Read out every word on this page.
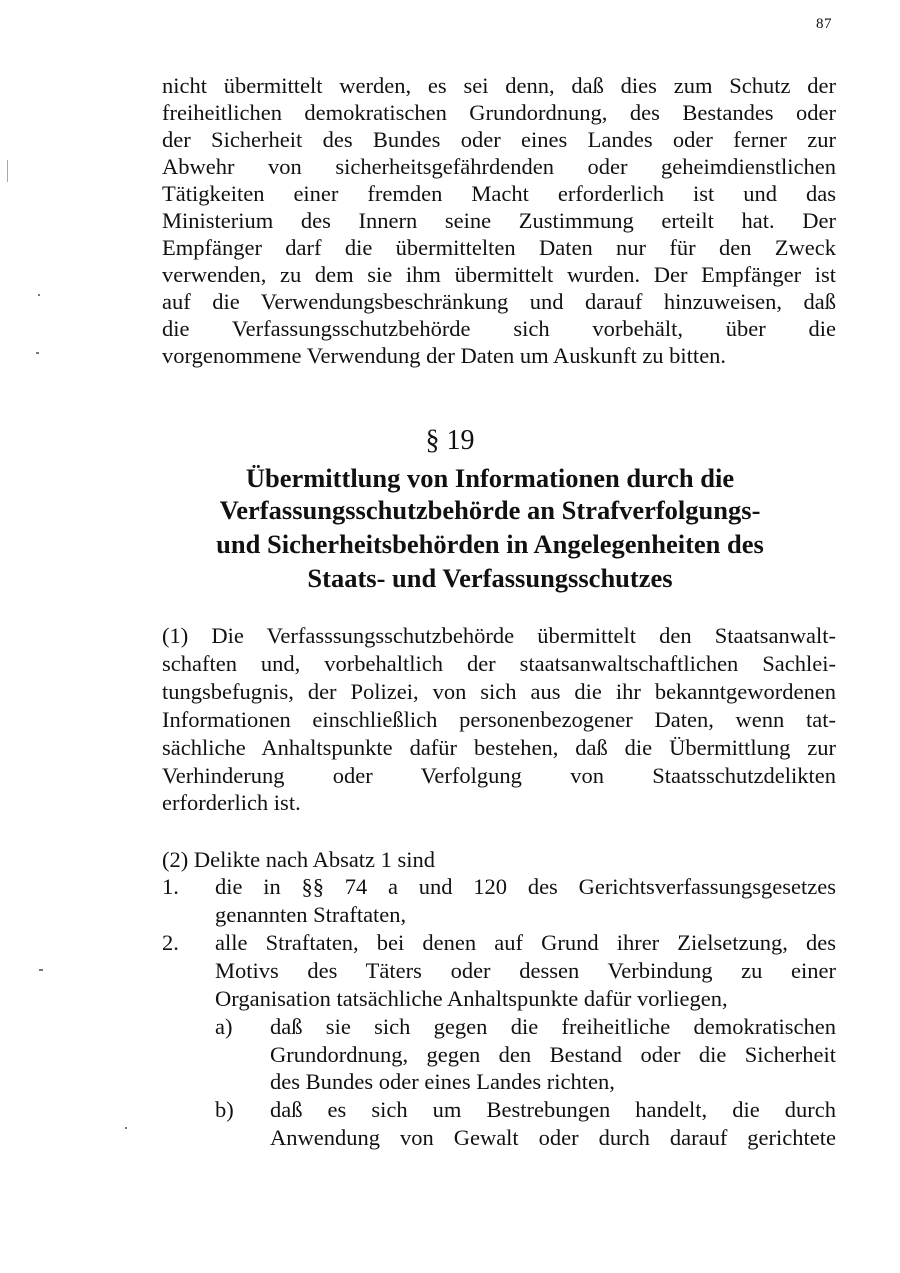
87
nicht übermittelt werden, es sei denn, daß dies zum Schutz der
freiheitlichen demokratischen Grundordnung, des Bestandes oder
der Sicherheit des Bundes oder eines Landes oder ferner zur
Abwehr von sicherheitsgefährdenden oder geheimdienstlichen
Tätigkeiten einer fremden Macht erforderlich ist und das
Ministerium des Innern seine Zustimmung erteilt hat. Der
Empfänger darf die übermittelten Daten nur für den Zweck
verwenden, zu dem sie ihm übermittelt wurden. Der Empfänger ist
auf die Verwendungsbeschränkung und darauf hinzuweisen, daß
die Verfassungsschutzbehörde sich vorbehält, über die
vorgenommene Verwendung der Daten um Auskunft zu bitten.
§ 19
Übermittlung von Informationen durch die
Verfassungsschutzbehörde an Strafverfolgungs-
und Sicherheitsbehörden in Angelegenheiten des
Staats- und Verfassungsschutzes
(1) Die Verfasssungsschutzbehörde übermittelt den Staatsanwalt-
schaften und, vorbehaltlich der staatsanwaltschaftlichen Sachlei-
tungsbefugnis, der Polizei, von sich aus die ihr bekanntgewordenen
Informationen einschließlich personenbezogener Daten, wenn tat-
sächliche Anhaltspunkte dafür bestehen, daß die Übermittlung zur
Verhinderung oder Verfolgung von Staatsschutzdelikten
erforderlich ist.
(2) Delikte nach Absatz 1 sind
1. die in §§ 74 a und 120 des Gerichtsverfassungsgesetzes
genannten Straftaten,
2. alle Straftaten, bei denen auf Grund ihrer Zielsetzung, des
Motivs des Täters oder dessen Verbindung zu einer
Organisation tatsächliche Anhaltspunkte dafür vorliegen,
a) daß sie sich gegen die freiheitliche demokratischen
Grundordnung, gegen den Bestand oder die Sicherheit
des Bundes oder eines Landes richten,
b) daß es sich um Bestrebungen handelt, die durch
Anwendung von Gewalt oder durch darauf gerichtete
